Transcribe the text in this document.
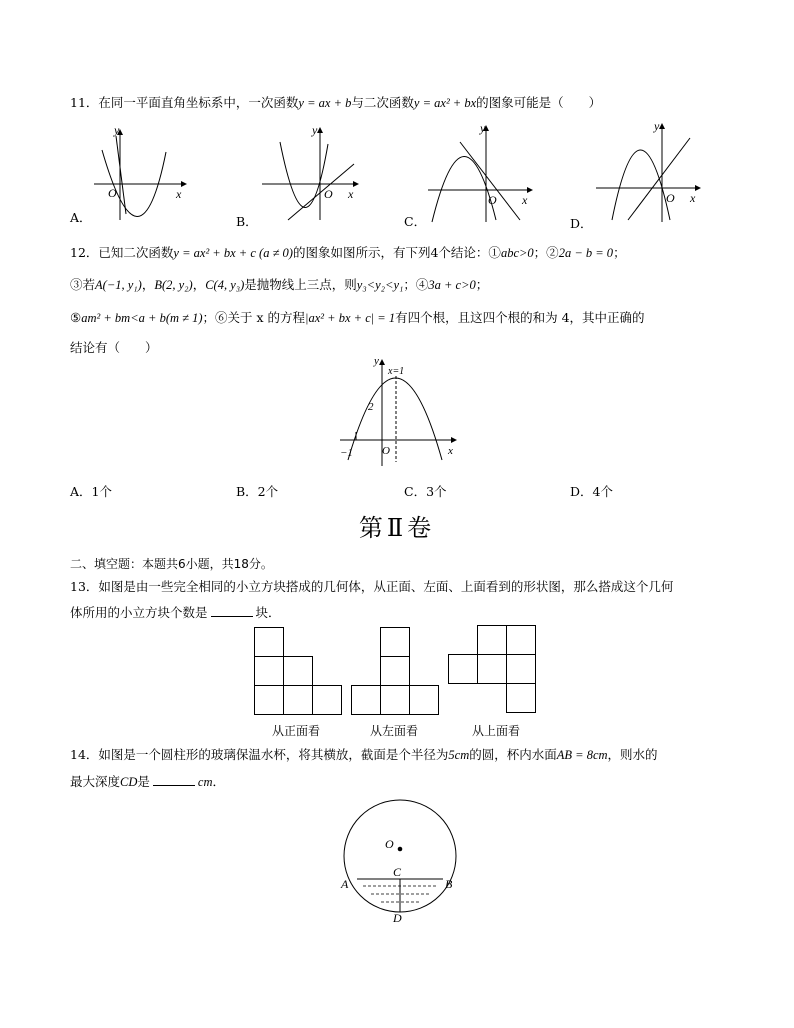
11．在同一平面直角坐标系中，一次函数y = ax + b与二次函数y = ax² + bx的图象可能是（　　）
y
x
O
A．
y
x
O
B．
y
x
O
C．
y
x
O
D．
12．已知二次函数y = ax² + bx + c (a ≠ 0)的图象如图所示，有下列4个结论：①abc>0；②2a − b = 0；
③若A(−1, y₁)，B(2, y₂)，C(4, y₃)是抛物线上三点，则y₃<y₂<y₁；④3a + c>0；
⑤am² + bm<a + b(m ≠ 1)；⑥关于 x 的方程|ax² + bx + c| = 1有四个根，且这四个根的和为 4，其中正确的
结论有（　　）
y
x
x=1
2
−1	O
A．1个	B．2个	C．3个	D．4个
第Ⅱ卷
二、填空题：本题共6小题，共18分。
13．如图是由一些完全相同的小立方块搭成的几何体，从正面、左面、上面看到的形状图，那么搭成这个几何
体所用的小立方块个数是	块．
从正面看	从左面看	从上面看
14．如图是一个圆柱形的玻璃保温水杯，将其横放，截面是个半径为5cm的圆，杯内水面AB = 8cm，则水的
最大深度CD是	cm．
O
A	B
C
D
